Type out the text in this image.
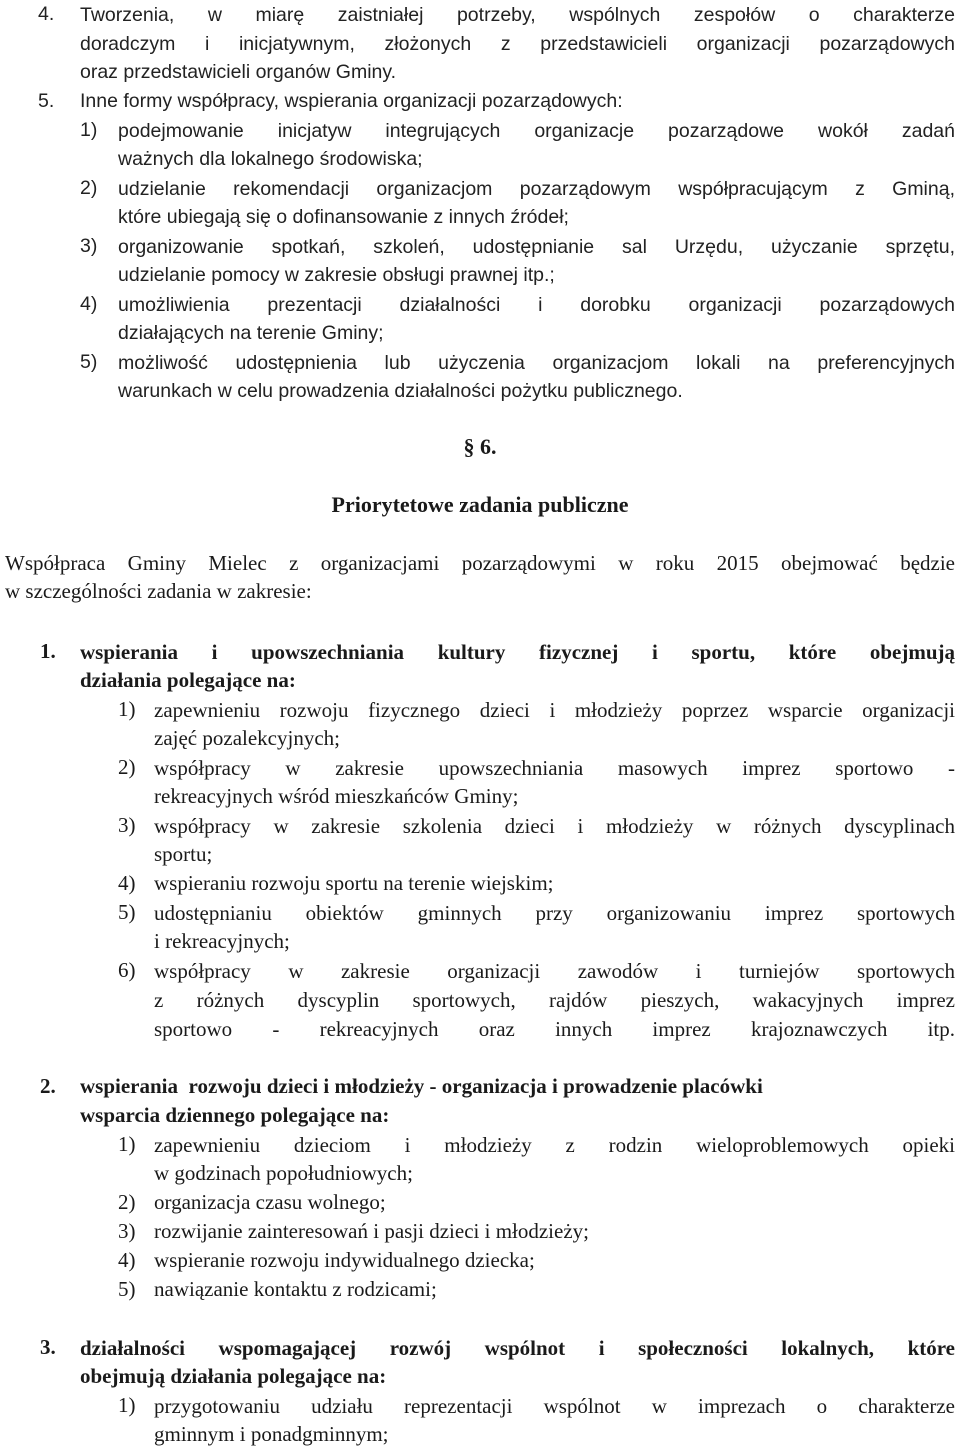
4. Tworzenia, w miarę zaistniałej potrzeby, wspólnych zespołów o charakterze
doradczym i inicjatywnym, złożonych z przedstawicieli organizacji pozarządowych
oraz przedstawicieli organów Gminy.
5. Inne formy współpracy, wspierania organizacji pozarządowych:
1) podejmowanie inicjatyw integrujących organizacje pozarządowe wokół zadań
ważnych dla lokalnego środowiska;
2) udzielanie rekomendacji organizacjom pozarządowym współpracującym z Gminą,
które ubiegają się o dofinansowanie z innych źródeł;
3) organizowanie spotkań, szkoleń, udostępnianie sal Urzędu, użyczanie sprzętu,
udzielanie pomocy w zakresie obsługi prawnej itp.;
4) umożliwienia prezentacji działalności i dorobku organizacji pozarządowych
działających na terenie Gminy;
5) możliwość udostępnienia lub użyczenia organizacjom lokali na preferencyjnych
warunkach w celu prowadzenia działalności pożytku publicznego.
§ 6.
Priorytetowe zadania publiczne
Współpraca Gminy Mielec z organizacjami pozarządowymi w roku 2015 obejmować będzie
w szczególności zadania w zakresie:
1. wspierania i upowszechniania kultury fizycznej i sportu, które obejmują
działania polegające na:
1) zapewnieniu rozwoju fizycznego dzieci i młodzieży poprzez wsparcie organizacji
zajęć pozalekcyjnych;
2) współpracy w zakresie upowszechniania masowych imprez sportowo -
rekreacyjnych wśród mieszkańców Gminy;
3) współpracy w zakresie szkolenia dzieci i młodzieży w różnych dyscyplinach
sportu;
4) wspieraniu rozwoju sportu na terenie wiejskim;
5) udostępnianiu obiektów gminnych przy organizowaniu imprez sportowych
i rekreacyjnych;
6) współpracy w zakresie organizacji zawodów i turniejów sportowych
z różnych dyscyplin sportowych, rajdów pieszych, wakacyjnych imprez
sportowo - rekreacyjnych oraz innych imprez krajoznawczych itp.
2. wspierania  rozwoju dzieci i młodzieży - organizacja i prowadzenie placówki
wsparcia dziennego polegające na:
1) zapewnieniu dzieciom i młodzieży z rodzin wieloproblemowych opieki
w godzinach popołudniowych;
2) organizacja czasu wolnego;
3) rozwijanie zainteresowań i pasji dzieci i młodzieży;
4) wspieranie rozwoju indywidualnego dziecka;
5) nawiązanie kontaktu z rodzicami;
3. działalności wspomagającej rozwój wspólnot i społeczności lokalnych, które
obejmują działania polegające na:
1) przygotowaniu udziału reprezentacji wspólnot w imprezach o charakterze
gminnym i ponadgminnym;
